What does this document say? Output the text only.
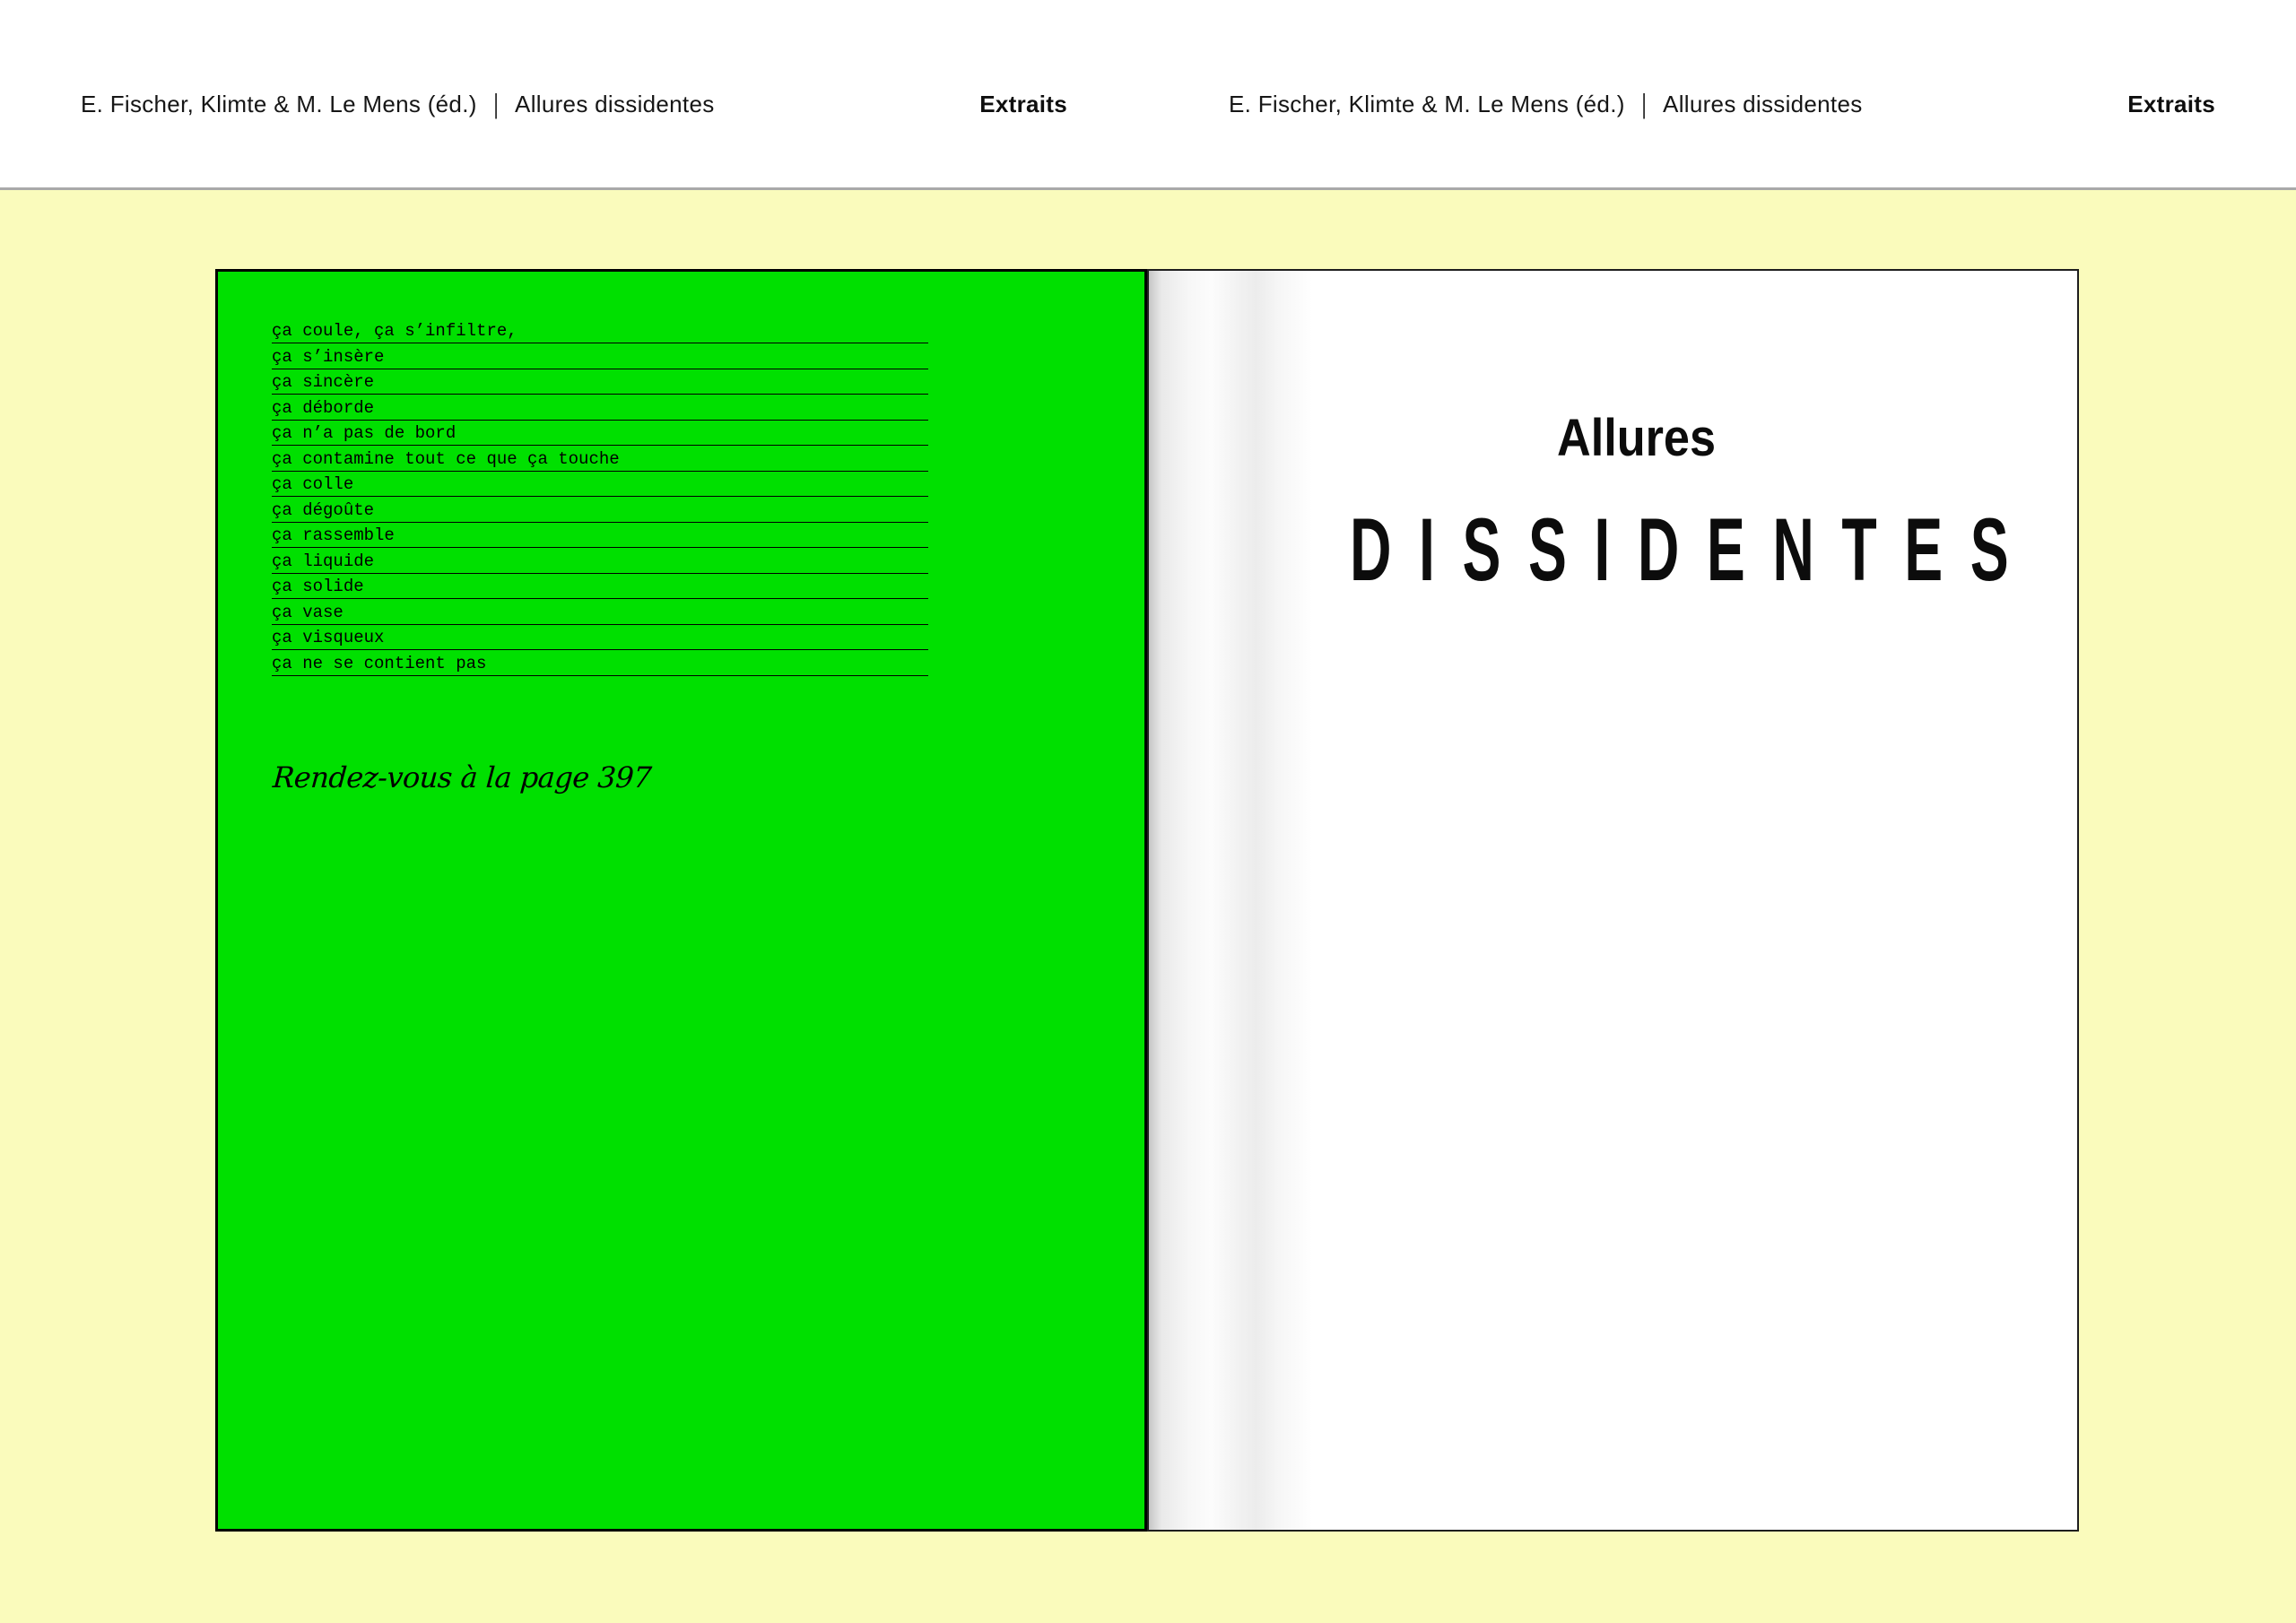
E. Fischer, Klimte & M. Le Mens (éd.) | Allures dissidentes	Extraits	E. Fischer, Klimte & M. Le Mens (éd.) | Allures dissidentes	Extraits
ça coule, ça s’infiltre,
ça s’insère
ça sincère
ça déborde
ça n’a pas de bord
ça contamine tout ce que ça touche
ça colle
ça dégoûte
ça rassemble
ça liquide
ça solide
ça vase
ça visqueux
ça ne se contient pas
Rendez-vous à la page 397
Allures
DISSIDENTES
